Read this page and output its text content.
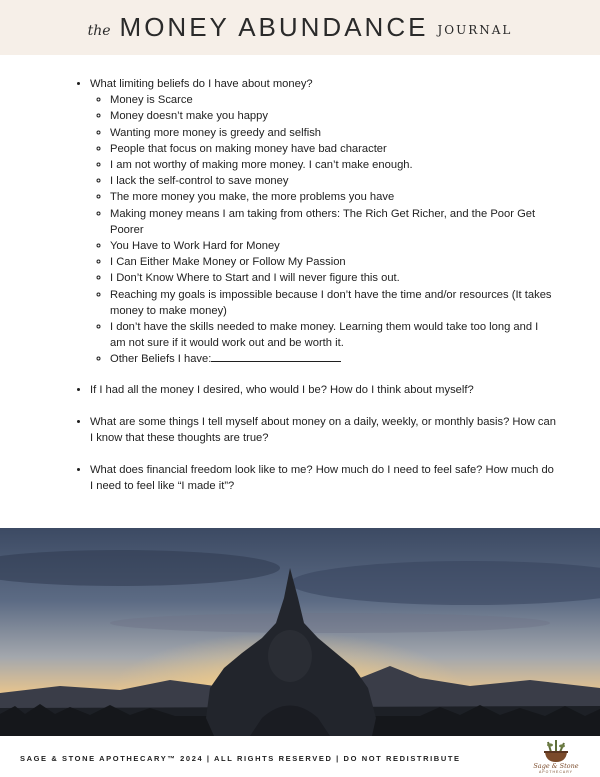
the MONEY ABUNDANCE JOURNAL
• What limiting beliefs do I have about money?
◦ Money is Scarce
◦ Money doesn’t make you happy
◦ Wanting more money is greedy and selfish
◦ People that focus on making money have bad character
◦ I am not worthy of making more money. I can’t make enough.
◦ I lack the self-control to save money
◦ The more money you make, the more problems you have
◦ Making money means I am taking from others: The Rich Get Richer, and the Poor Get Poorer
◦ You Have to Work Hard for Money
◦ I Can Either Make Money or Follow My Passion
◦ I Don’t Know Where to Start and I will never figure this out.
◦ Reaching my goals is impossible because I don’t have the time and/or resources (It takes money to make money)
◦ I don’t have the skills needed to make money. Learning them would take too long and I am not sure if it would work out and be worth it.
◦ Other Beliefs I have:
• If I had all the money I desired, who would I be? How do I think about myself?
• What are some things I tell myself about money on a daily, weekly, or monthly basis? How can I know that these thoughts are true?
• What does financial freedom look like to me? How much do I need to feel safe? How much do I need to feel like “I made it”?
SAGE & STONE APOTHECARY™ 2024 | ALL RIGHTS RESERVED | DO NOT REDISTRIBUTE
Sage & Stone
APOTHECARY
